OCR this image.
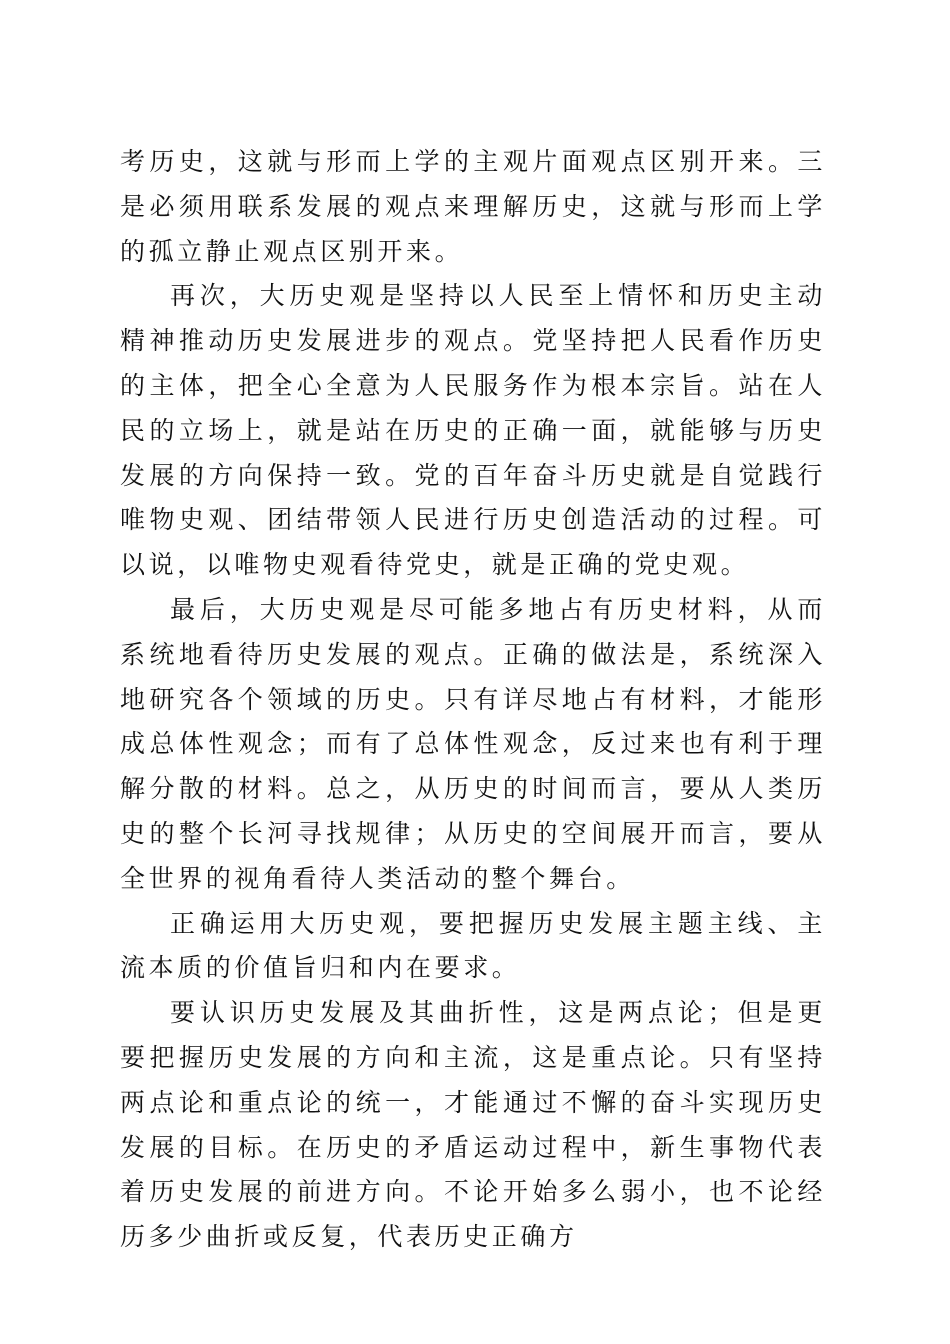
考历史，这就与形而上学的主观片面观点区别开来。三是必须用联系发展的观点来理解历史，这就与形而上学的孤立静止观点区别开来。

再次，大历史观是坚持以人民至上情怀和历史主动精神推动历史发展进步的观点。党坚持把人民看作历史的主体，把全心全意为人民服务作为根本宗旨。站在人民的立场上，就是站在历史的正确一面，就能够与历史发展的方向保持一致。党的百年奋斗历史就是自觉践行唯物史观、团结带领人民进行历史创造活动的过程。可以说，以唯物史观看待党史，就是正确的党史观。

最后，大历史观是尽可能多地占有历史材料，从而系统地看待历史发展的观点。正确的做法是，系统深入地研究各个领域的历史。只有详尽地占有材料，才能形成总体性观念；而有了总体性观念，反过来也有利于理解分散的材料。总之，从历史的时间而言，要从人类历史的整个长河寻找规律；从历史的空间展开而言，要从全世界的视角看待人类活动的整个舞台。

正确运用大历史观，要把握历史发展主题主线、主流本质的价值旨归和内在要求。

要认识历史发展及其曲折性，这是两点论；但是更要把握历史发展的方向和主流，这是重点论。只有坚持两点论和重点论的统一，才能通过不懈的奋斗实现历史发展的目标。在历史的矛盾运动过程中，新生事物代表着历史发展的前进方向。不论开始多么弱小，也不论经历多少曲折或反复，代表历史正确方
